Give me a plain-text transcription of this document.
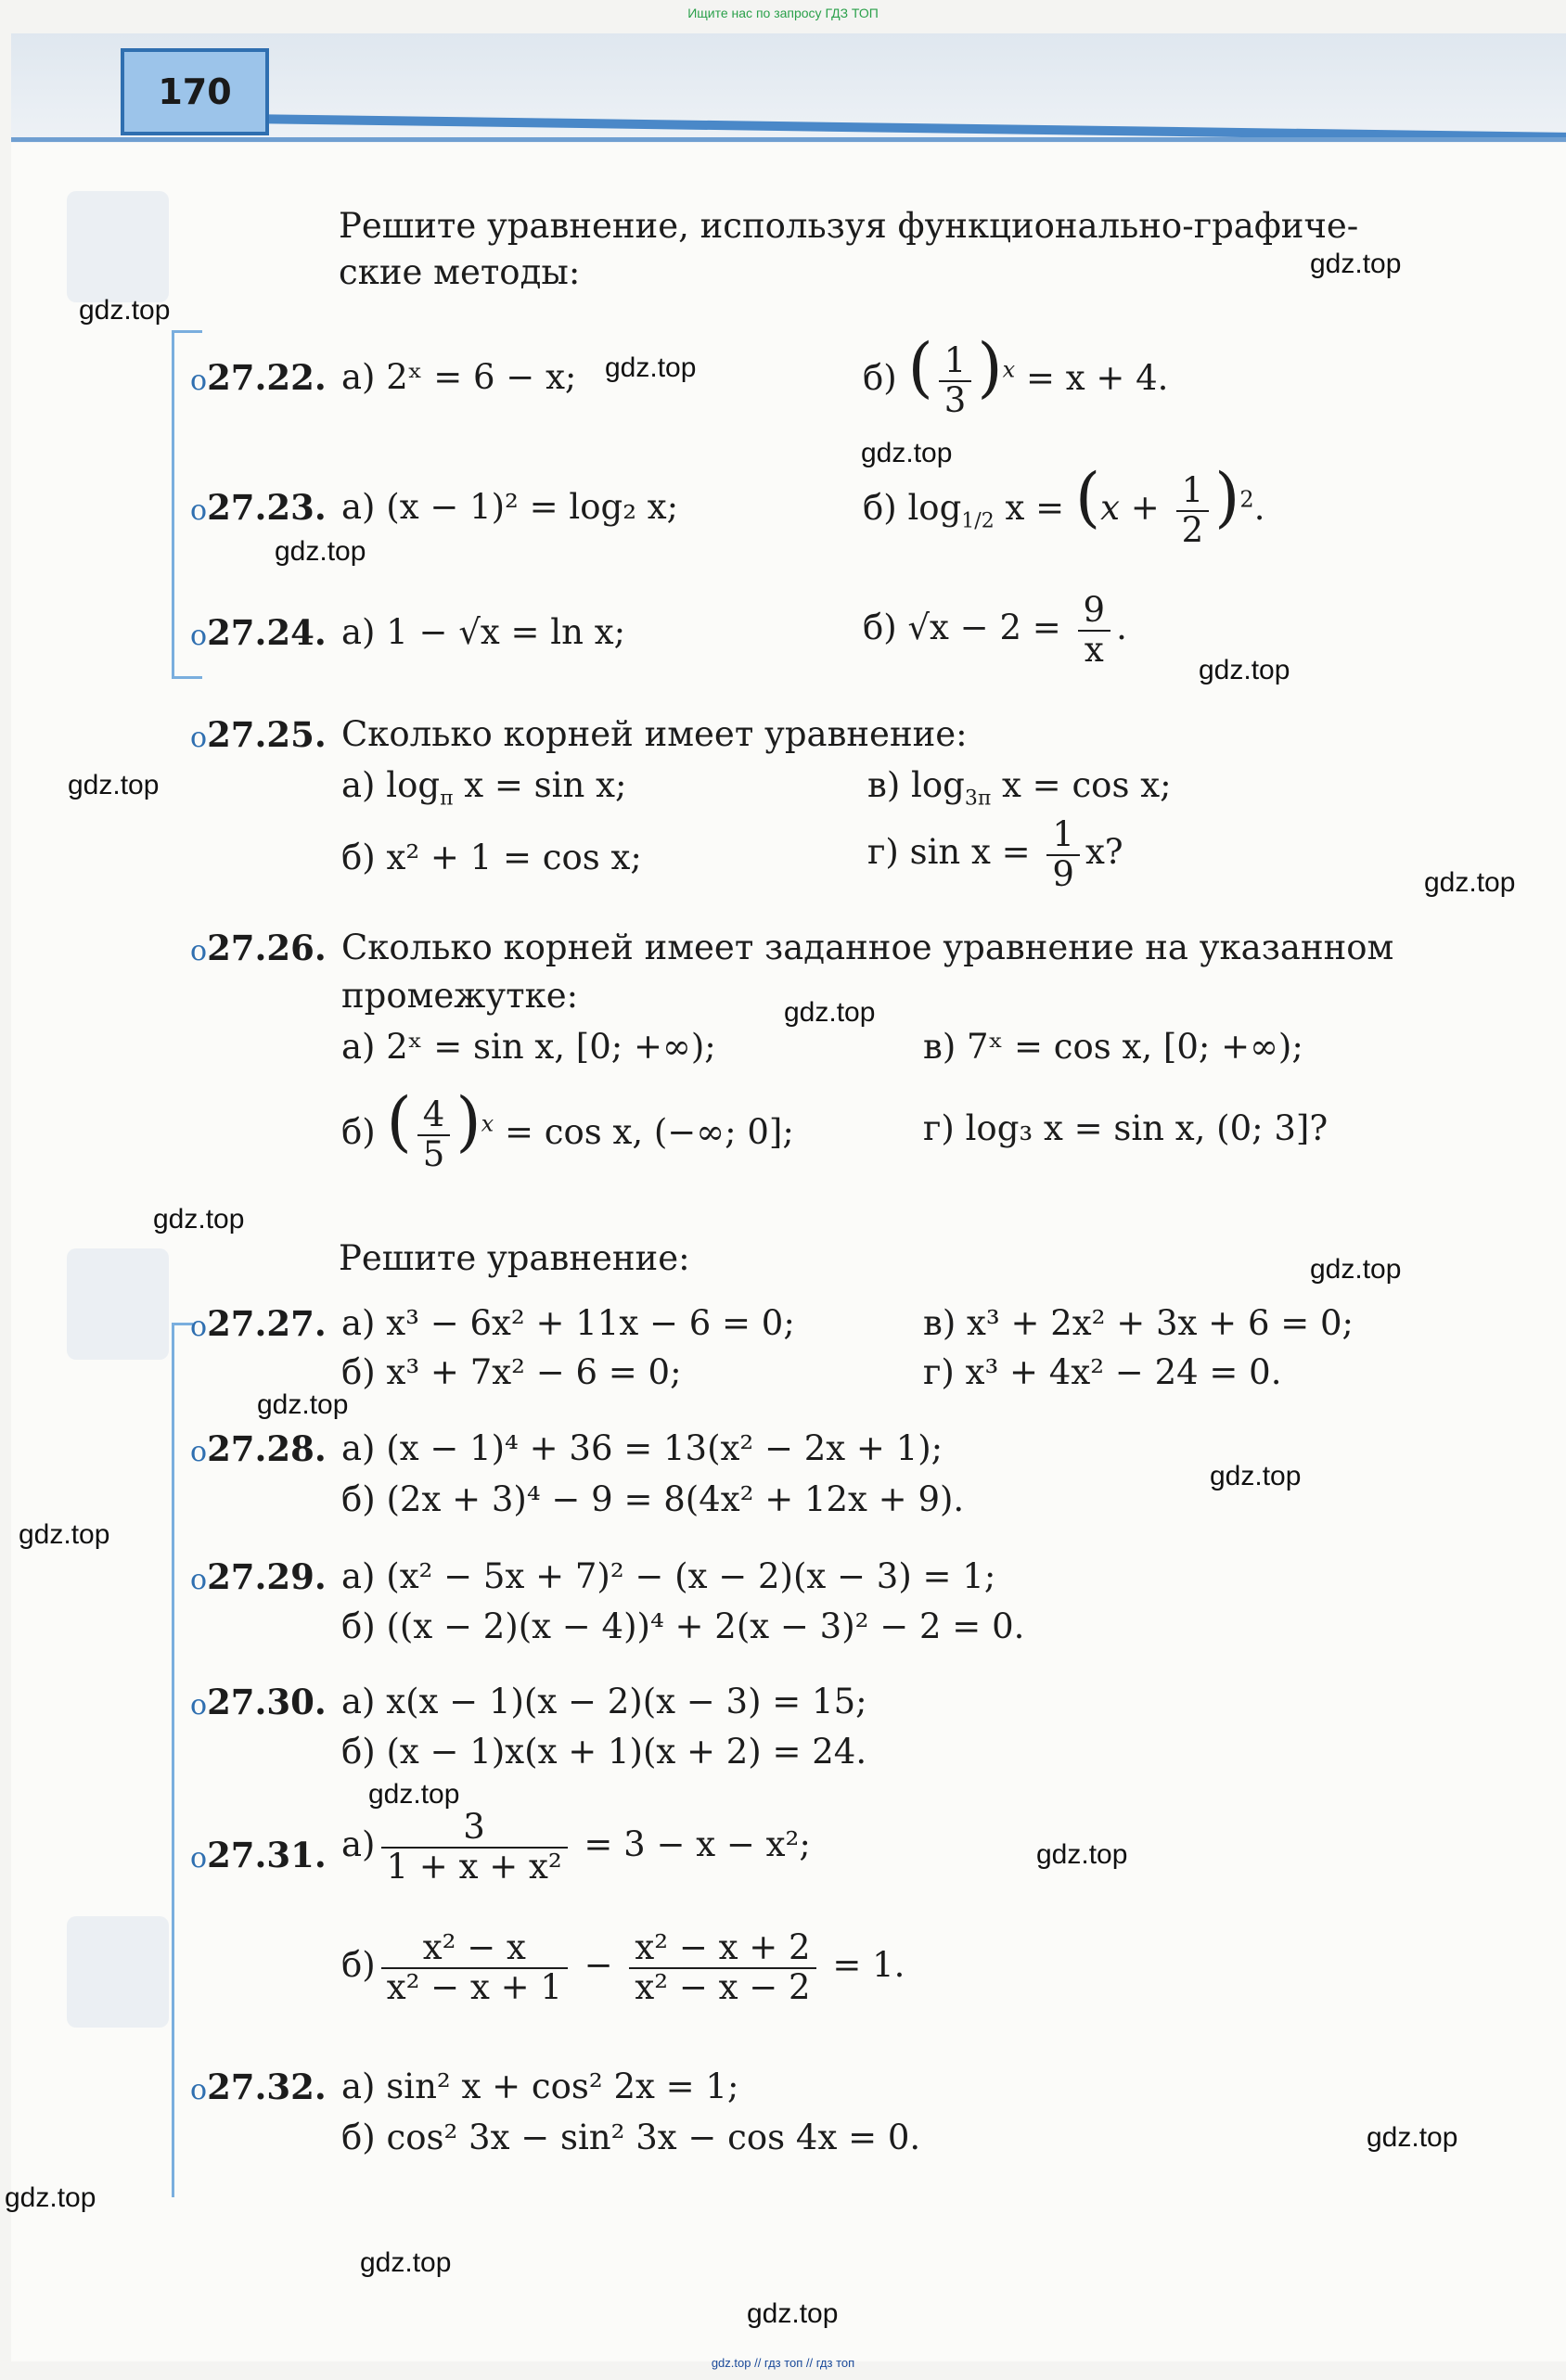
Ищите нас по запросу ГДЗ ТОП
170
Решите уравнение, используя функционально-графиче-
ские методы:
o27.22. а) 2ˣ = 6 − x;	б) ( $\frac{1}{3} )^x = x + 4$.
o27.23. а) (x − 1)² = log₂ x;	б) $\log_{1/2} x = (x + \frac{1}{2} )^2$.
o27.24. а) 1 − √x = ln x;	б) $√x - 2 = \frac{9}{x}$ .
o27.25. Сколько корней имеет уравнение:
а) $\log_\pi x = \sin x$;	в) $\log_{3\pi} x = \cos x$;
б) x² + 1 = cos x;	г) $\sin x = \frac{1}{9} x$?
o27.26. Сколько корней имеет заданное уравнение на указанном
промежутке:
а) 2ˣ = sin x, [0; +∞);	в) 7ˣ = cos x, [0; +∞);
б) ( $\frac{4}{5} )^x = \cos x$, (−∞; 0];	г) log₃ x = sin x, (0; 3]?
Решите уравнение:
o27.27. а) x³ − 6x² + 11x − 6 = 0;	в) x³ + 2x² + 3x + 6 = 0;
б) x³ + 7x² − 6 = 0;	г) x³ + 4x² − 24 = 0.
o27.28. а) (x − 1)⁴ + 36 = 13(x² − 2x + 1);
б) (2x + 3)⁴ − 9 = 8(4x² + 12x + 9).
o27.29. а) (x² − 5x + 7)² − (x − 2)(x − 3) = 1;
б) ((x − 2)(x − 4))⁴ + 2(x − 3)² − 2 = 0.
o27.30. а) x(x − 1)(x − 2)(x − 3) = 15;
б) (x − 1)x(x + 1)(x + 2) = 24.
o27.31. $а) \frac{3}{\text{1 + x + x²}} = 3 - x - x^2$;
$б) \frac{\text{x² − x}}{\text{x² − x + 1}} - \frac{\text{x² − x + 2}}{\text{x² − x − 2}} = 1$.
o27.32. а) sin² x + cos² 2x = 1;
б) cos² 3x − sin² 3x − cos 4x = 0.
gdz.top
gdz.top
gdz.top
gdz.top
gdz.top
gdz.top
gdz.top
gdz.top
gdz.top
gdz.top
gdz.top
gdz.top
gdz.top
gdz.top
gdz.top
gdz.top
gdz.top
gdz.top
gdz.top
gdz.top
gdz.top // гдз топ // гдз топ
